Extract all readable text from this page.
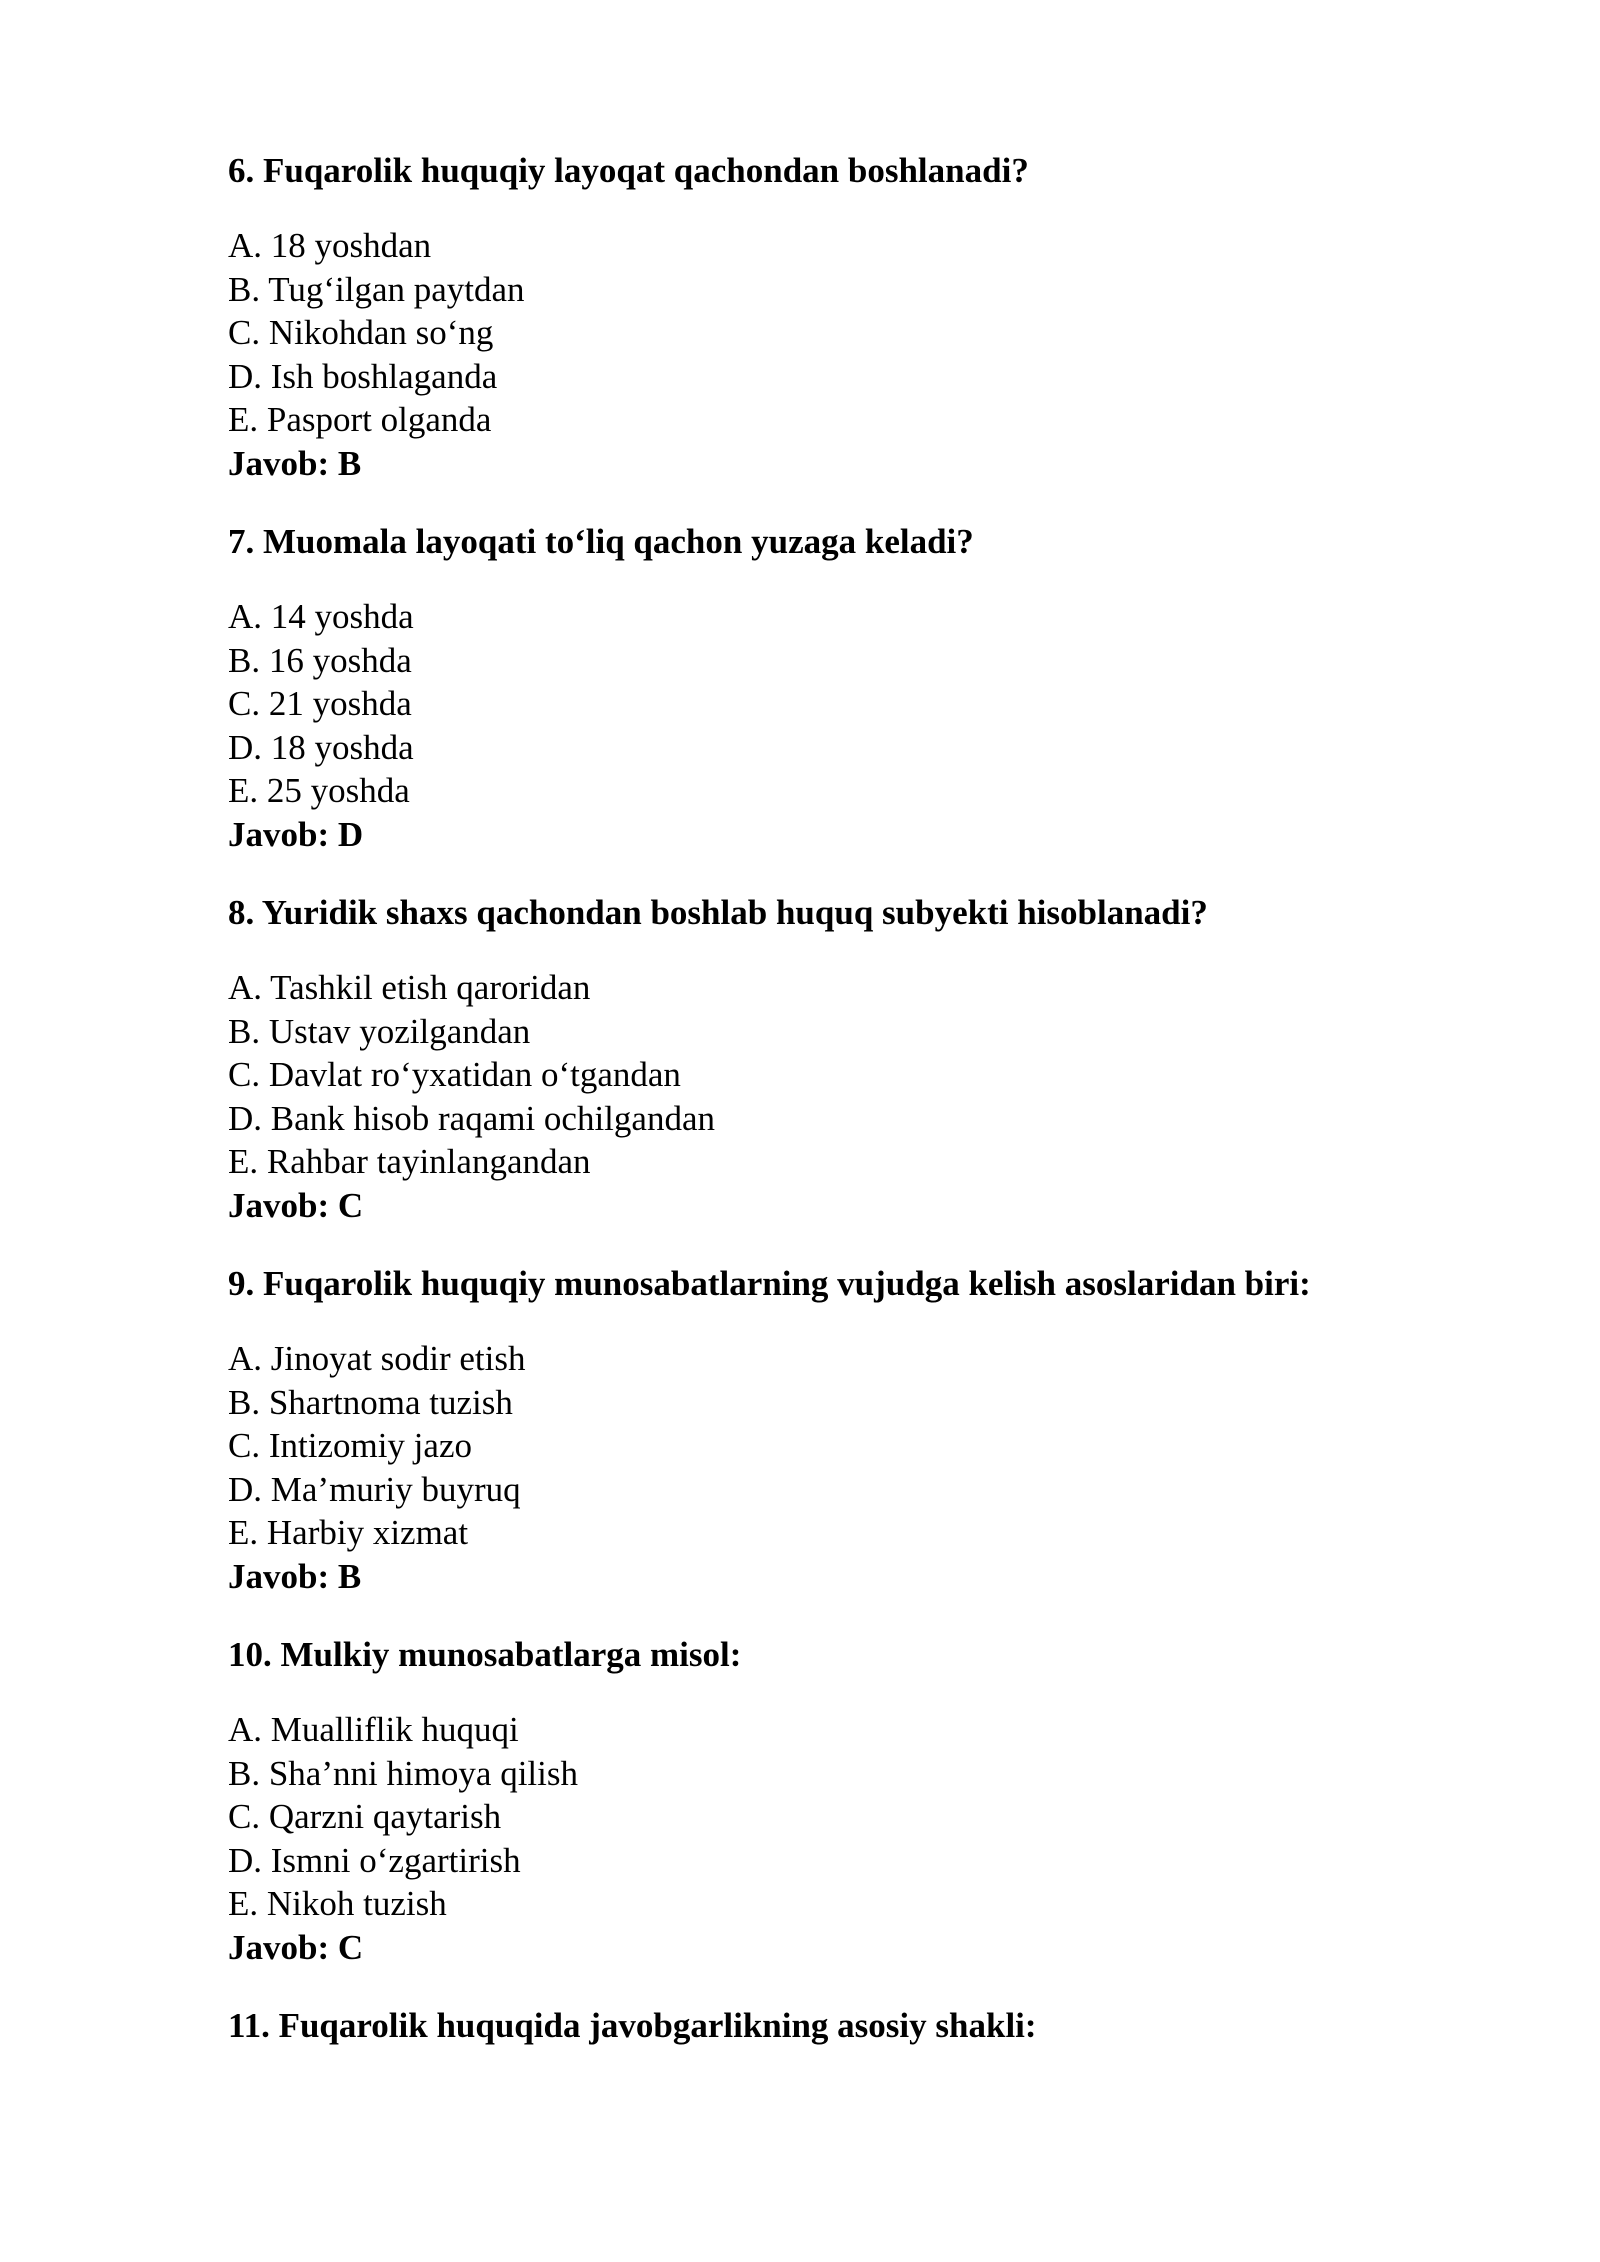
6. Fuqarolik huquqiy layoqat qachondan boshlanadi?

A. 18 yoshdan
B. Tug‘ilgan paytdan
C. Nikohdan so‘ng
D. Ish boshlaganda
E. Pasport olganda

Javob: B

7. Muomala layoqati to‘liq qachon yuzaga keladi?

A. 14 yoshda
B. 16 yoshda
C. 21 yoshda
D. 18 yoshda
E. 25 yoshda

Javob: D

8. Yuridik shaxs qachondan boshlab huquq subyekti hisoblanadi?

A. Tashkil etish qaroridan
B. Ustav yozilgandan
C. Davlat ro‘yxatidan o‘tgandan
D. Bank hisob raqami ochilgandan
E. Rahbar tayinlangandan

Javob: C

9. Fuqarolik huquqiy munosabatlarning vujudga kelish asoslaridan biri:

A. Jinoyat sodir etish
B. Shartnoma tuzish
C. Intizomiy jazo
D. Ma’muriy buyruq
E. Harbiy xizmat

Javob: B

10. Mulkiy munosabatlarga misol:

A. Mualliflik huquqi
B. Sha’nni himoya qilish
C. Qarzni qaytarish
D. Ismni o‘zgartirish
E. Nikoh tuzish

Javob: C

11. Fuqarolik huquqida javobgarlikning asosiy shakli:
